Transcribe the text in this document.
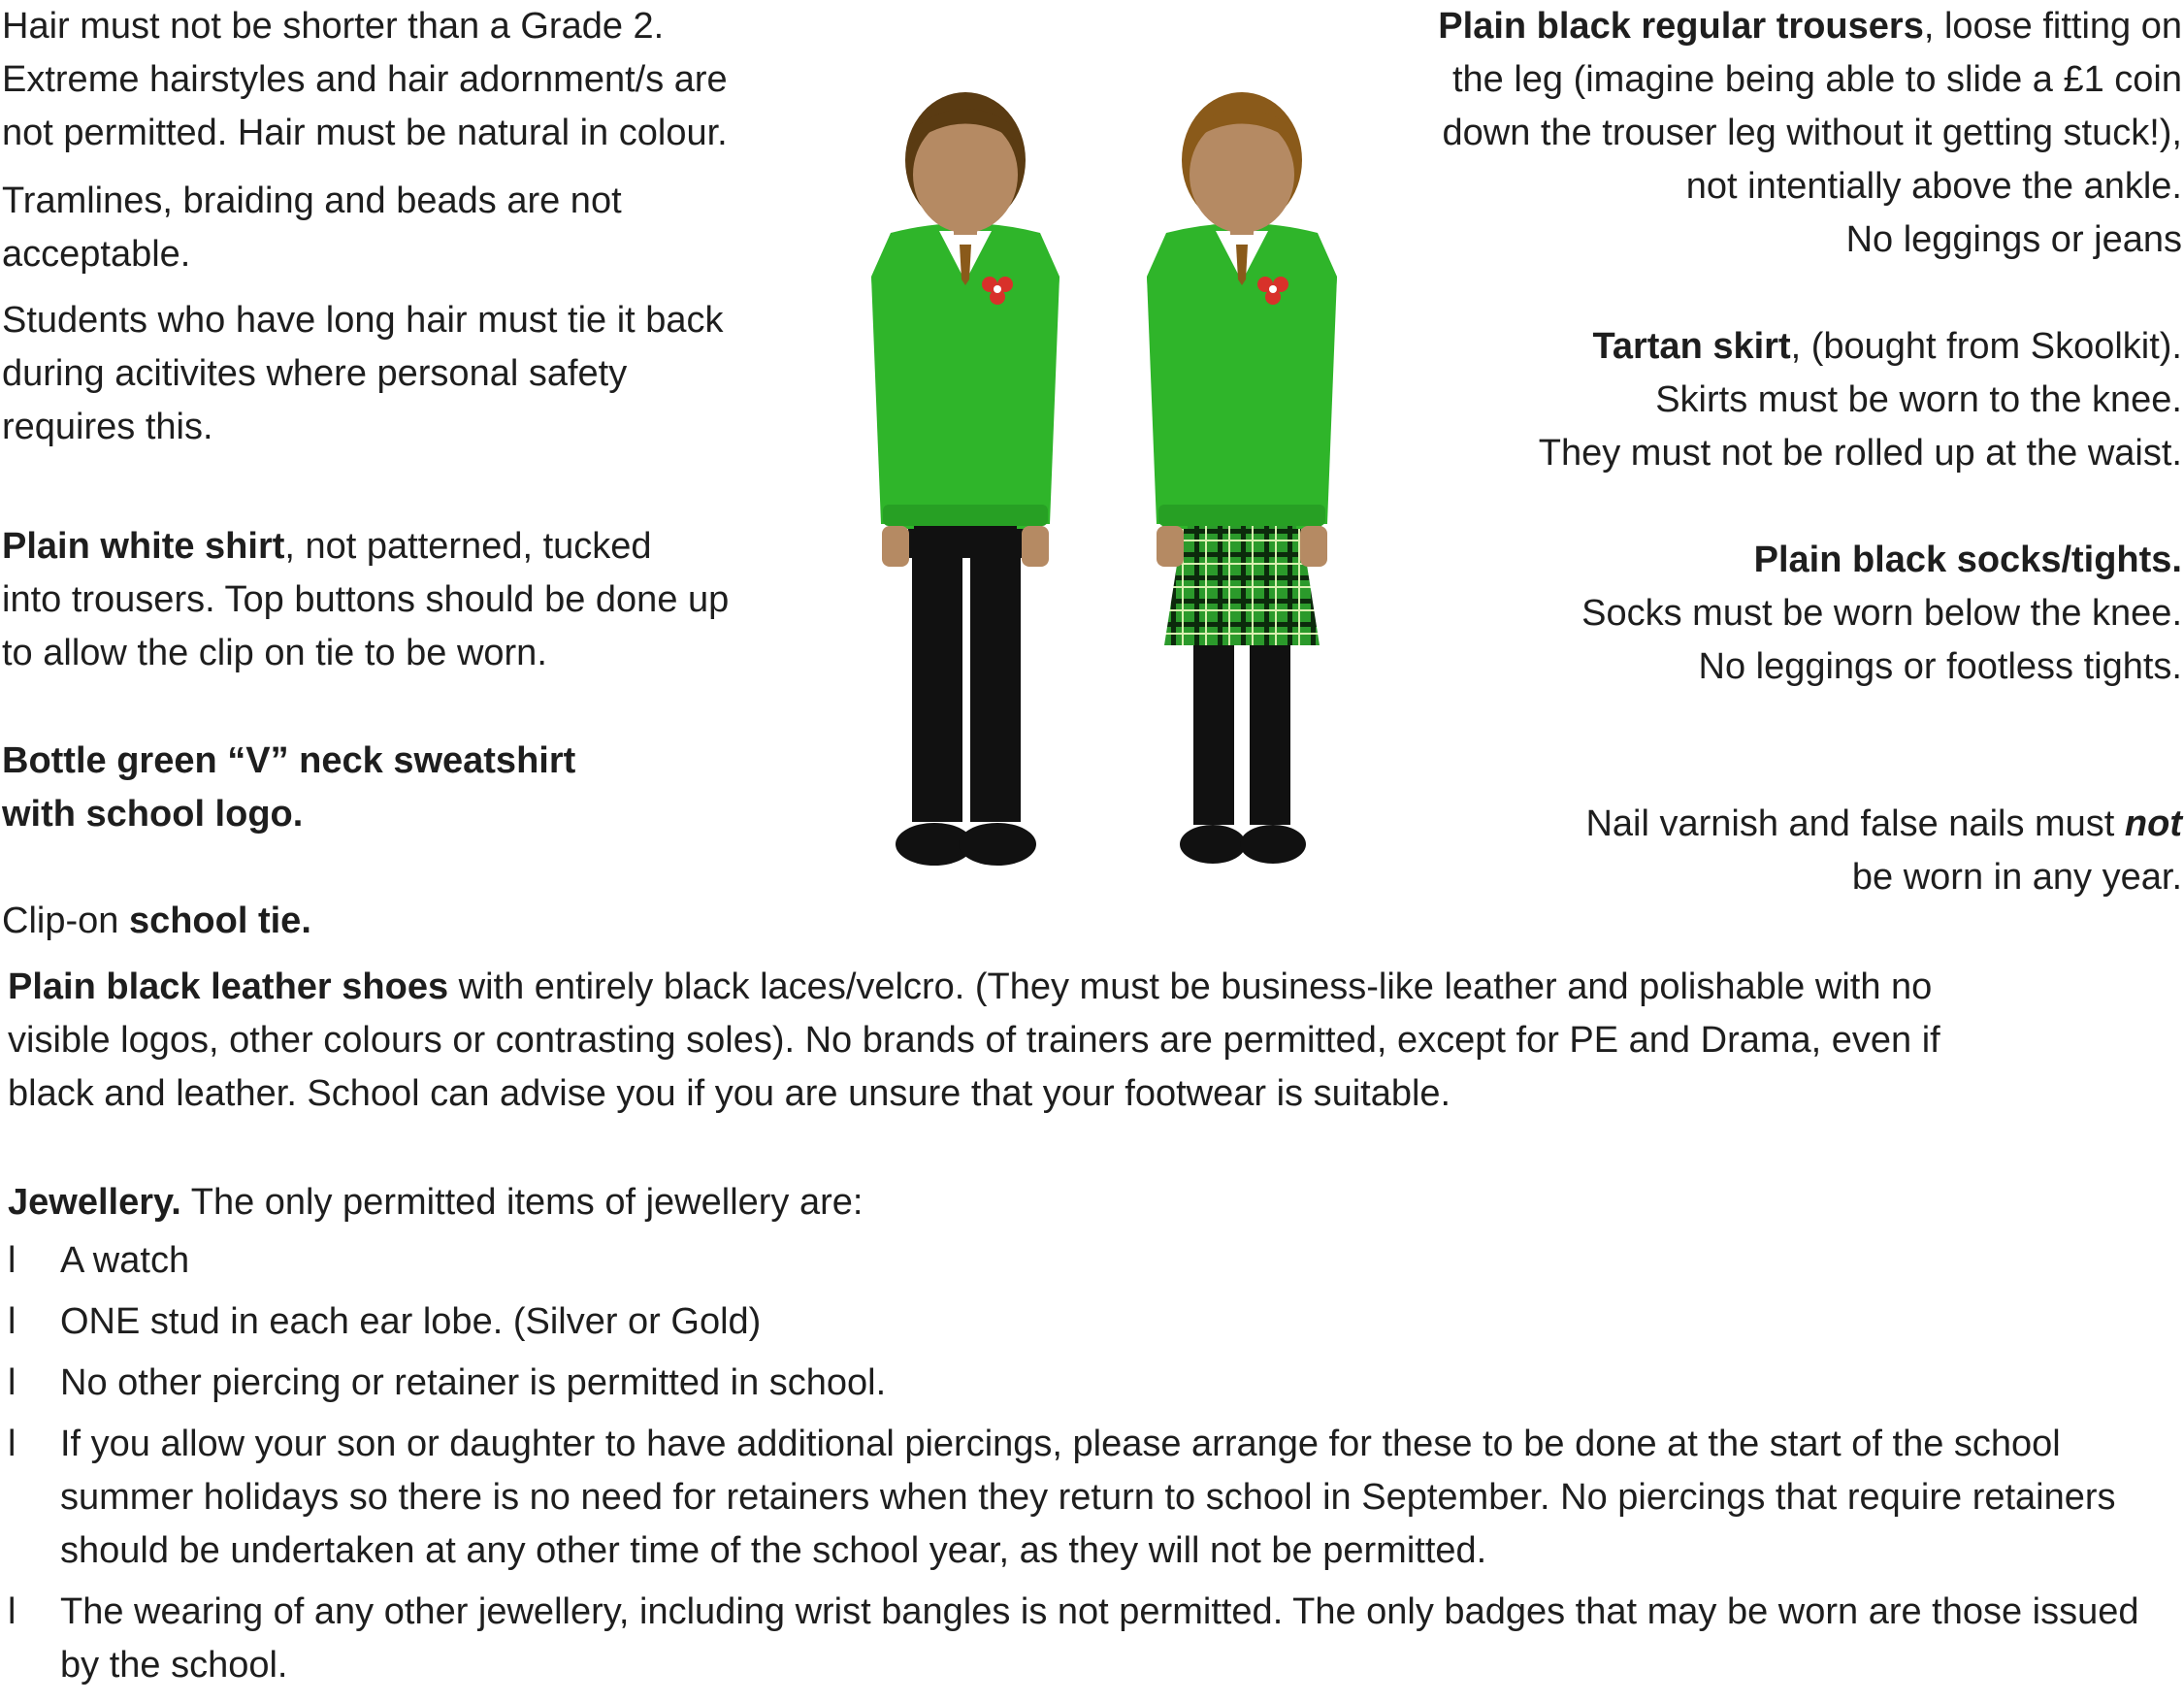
Hair must not be shorter than a Grade 2.
Extreme hairstyles and hair adornment/s are
not permitted. Hair must be natural in colour.
Tramlines, braiding and beads are not
acceptable.
Students who have long hair must tie it back
during acitivites where personal safety
requires this.
Plain white shirt, not patterned, tucked
into trousers. Top buttons should be done up
to allow the clip on tie to be worn.
Bottle green “V” neck sweatshirt
with school logo.
Clip-on school tie.
Plain black regular trousers, loose fitting on
the leg (imagine being able to slide a £1 coin
down the trouser leg without it getting stuck!),
not intentially above the ankle.
No leggings or jeans
Tartan skirt, (bought from Skoolkit).
Skirts must be worn to the knee.
They must not be rolled up at the waist.
Plain black socks/tights.
Socks must be worn below the knee.
No leggings or footless tights.
Nail varnish and false nails must not
be worn in any year.
Plain black leather shoes with entirely black laces/velcro. (They must be business-like leather and polishable with no
visible logos, other colours or contrasting soles). No brands of trainers are permitted, except for PE and Drama, even if
black and leather. School can advise you if you are unsure that your footwear is suitable.
Jewellery. The only permitted items of jewellery are:
l A watch
l ONE stud in each ear lobe. (Silver or Gold)
l No other piercing or retainer is permitted in school.
l If you allow your son or daughter to have additional piercings, please arrange for these to be done at the start of the school summer holidays so there is no need for retainers when they return to school in September. No piercings that require retainers should be undertaken at any other time of the school year, as they will not be permitted.
l The wearing of any other jewellery, including wrist bangles is not permitted. The only badges that may be worn are those issued by the school.
